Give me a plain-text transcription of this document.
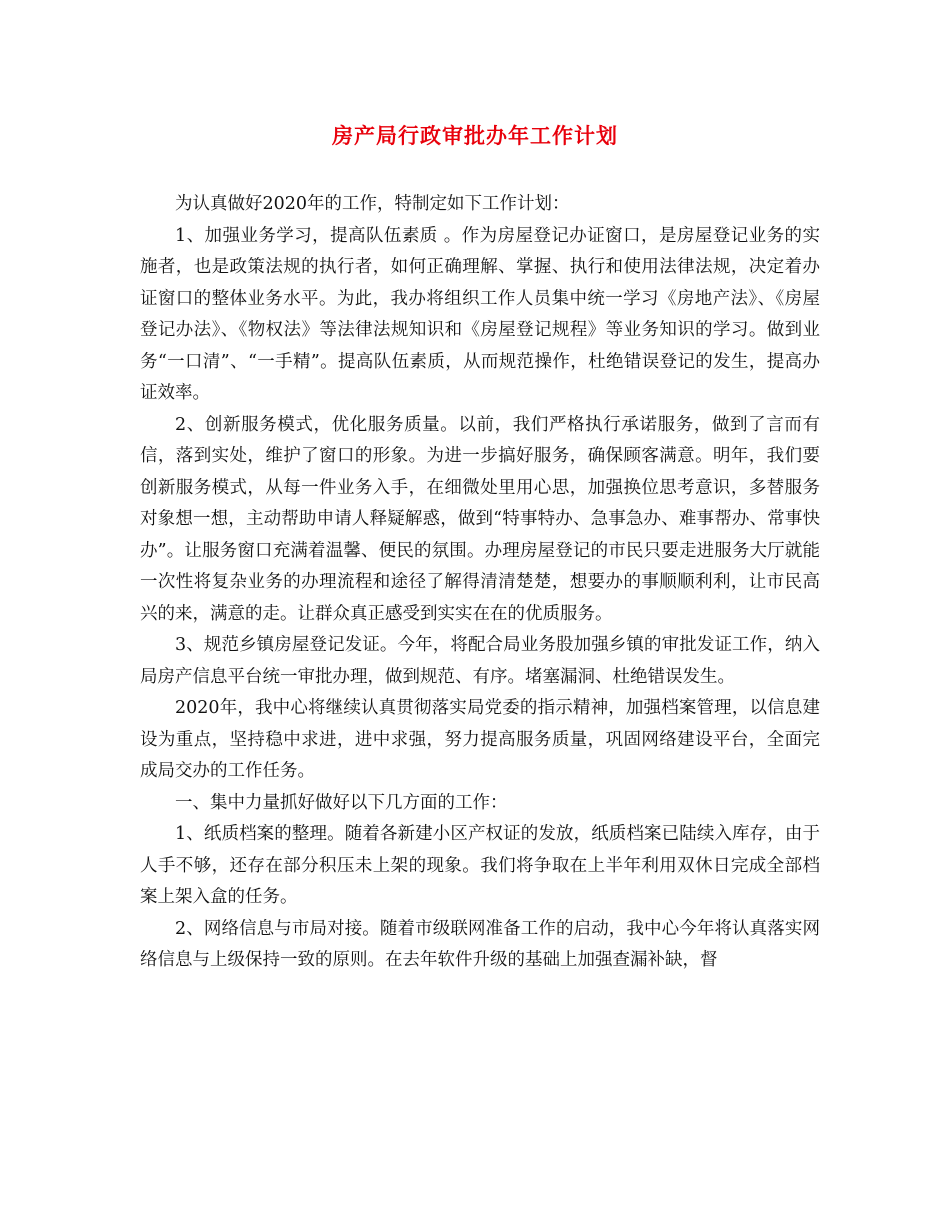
房产局行政审批办年工作计划

为认真做好2020年的工作，特制定如下工作计划：

1、加强业务学习，提高队伍素质 。作为房屋登记办证窗口，是房屋登记业务的实施者，也是政策法规的执行者，如何正确理解、掌握、执行和使用法律法规，决定着办证窗口的整体业务水平。为此，我办将组织工作人员集中统一学习《房地产法》、《房屋登记办法》、《物权法》等法律法规知识和《房屋登记规程》等业务知识的学习。做到业务“一口清”、“一手精”。提高队伍素质，从而规范操作，杜绝错误登记的发生，提高办证效率。

2、创新服务模式，优化服务质量。以前，我们严格执行承诺服务，做到了言而有信，落到实处，维护了窗口的形象。为进一步搞好服务，确保顾客满意。明年，我们要创新服务模式，从每一件业务入手，在细微处里用心思，加强换位思考意识，多替服务对象想一想，主动帮助申请人释疑解惑，做到“特事特办、急事急办、难事帮办、常事快办”。让服务窗口充满着温馨、便民的氛围。办理房屋登记的市民只要走进服务大厅就能一次性将复杂业务的办理流程和途径了解得清清楚楚，想要办的事顺顺利利，让市民高兴的来，满意的走。让群众真正感受到实实在在的优质服务。

3、规范乡镇房屋登记发证。今年，将配合局业务股加强乡镇的审批发证工作，纳入局房产信息平台统一审批办理，做到规范、有序。堵塞漏洞、杜绝错误发生。

2020年，我中心将继续认真贯彻落实局党委的指示精神，加强档案管理，以信息建设为重点，坚持稳中求进，进中求强，努力提高服务质量，巩固网络建设平台，全面完成局交办的工作任务。

一、集中力量抓好做好以下几方面的工作：

1、纸质档案的整理。随着各新建小区产权证的发放，纸质档案已陆续入库存，由于人手不够，还存在部分积压未上架的现象。我们将争取在上半年利用双休日完成全部档案上架入盒的任务。

2、网络信息与市局对接。随着市级联网准备工作的启动，我中心今年将认真落实网络信息与上级保持一致的原则。在去年软件升级的基础上加强查漏补缺，督
